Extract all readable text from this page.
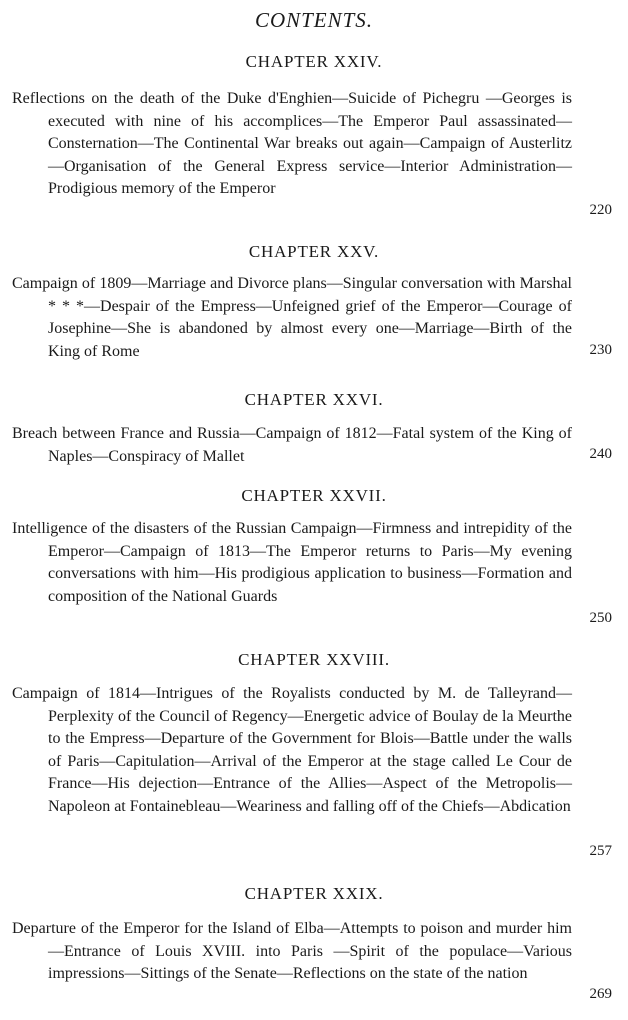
CONTENTS.
CHAPTER XXIV.
Reflections on the death of the Duke d'Enghien—Suicide of Pichegru —Georges is executed with nine of his accomplices—The Emperor Paul assassinated—Consternation—The Continental War breaks out again—Campaign of Austerlitz—Organisation of the General Express service—Interior Administration—Prodigious memory of the Emperor
220
CHAPTER XXV.
Campaign of 1809—Marriage and Divorce plans—Singular conversation with Marshal * * *—Despair of the Empress—Unfeigned grief of the Emperor—Courage of Josephine—She is abandoned by almost every one—Marriage—Birth of the King of Rome	230
CHAPTER XXVI.
Breach between France and Russia—Campaign of 1812—Fatal system of the King of Naples—Conspiracy of Mallet	240
CHAPTER XXVII.
Intelligence of the disasters of the Russian Campaign—Firmness and intrepidity of the Emperor—Campaign of 1813—The Emperor returns to Paris—My evening conversations with him—His prodigious application to business—Formation and composition of the National Guards
250
CHAPTER XXVIII.
Campaign of 1814—Intrigues of the Royalists conducted by M. de Talleyrand—Perplexity of the Council of Regency—Energetic advice of Boulay de la Meurthe to the Empress—Departure of the Government for Blois—Battle under the walls of Paris—Capitulation—Arrival of the Emperor at the stage called Le Cour de France—His dejection—Entrance of the Allies—Aspect of the Metropolis—Napoleon at Fontainebleau—Weariness and falling off of the Chiefs—Abdication
257
CHAPTER XXIX.
Departure of the Emperor for the Island of Elba—Attempts to poison and murder him—Entrance of Louis XVIII. into Paris —Spirit of the populace—Various impressions—Sittings of the Senate—Reflections on the state of the nation
269
